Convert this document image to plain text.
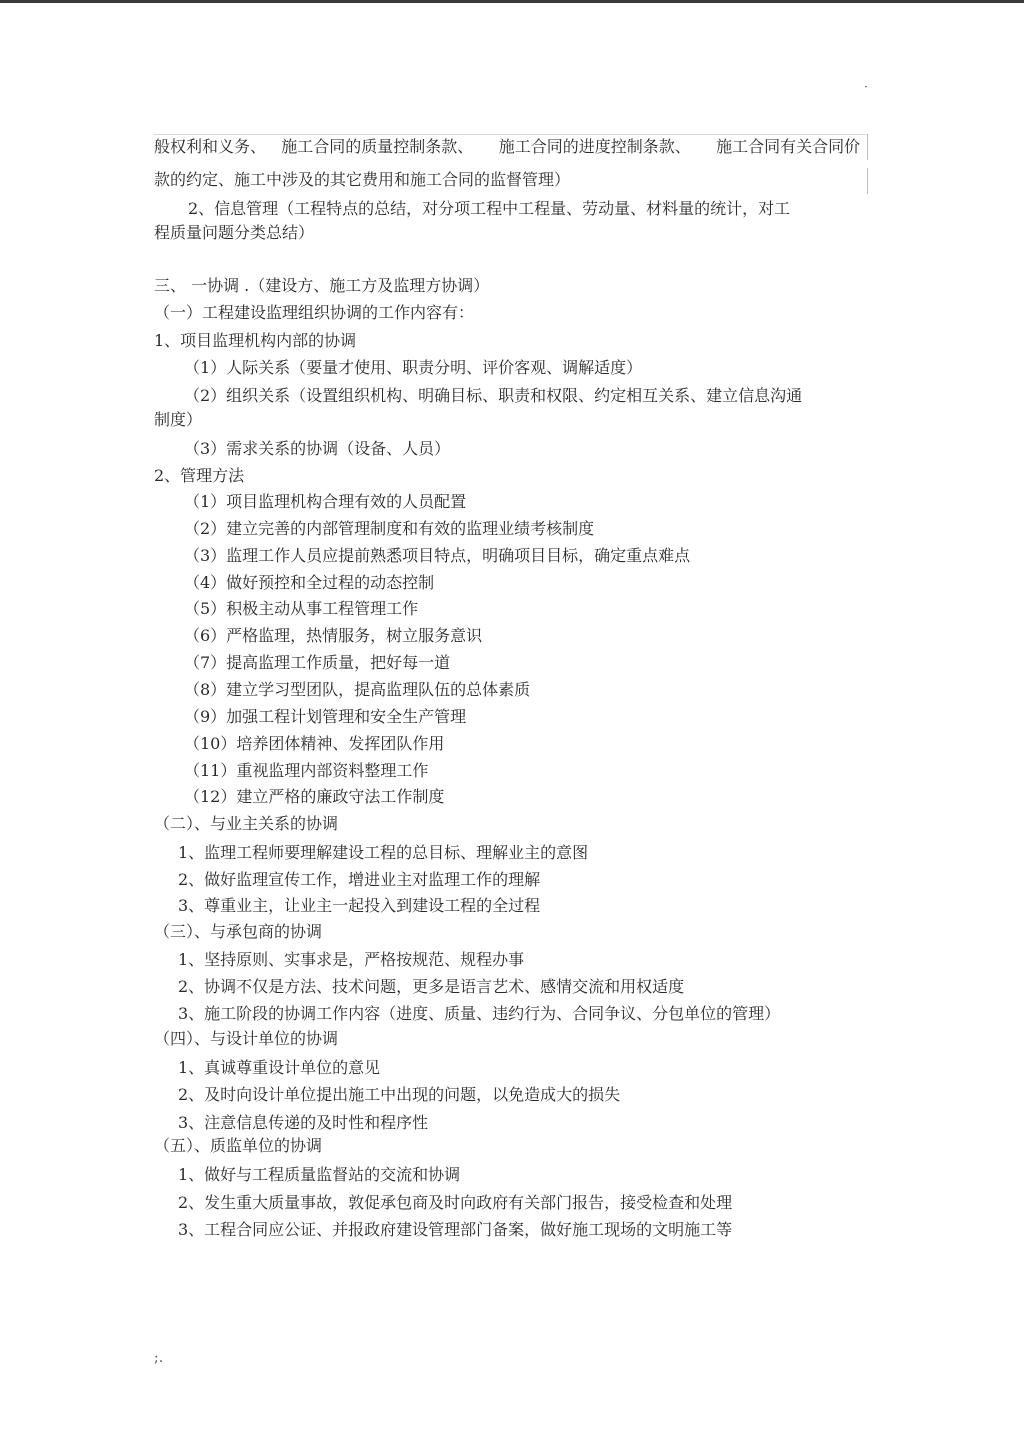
·
般权利和义务、   施工合同的质量控制条款、     施工合同的进度控制条款、     施工合同有关合同价
款的约定、施工中涉及的其它费用和施工合同的监督管理）
2、信息管理（工程特点的总结，对分项工程中工程量、劳动量、材料量的统计，对工
程质量问题分类总结）
三、 一协调 .（建设方、施工方及监理方协调）
（一）工程建设监理组织协调的工作内容有：
1、项目监理机构内部的协调
（1）人际关系（要量才使用、职责分明、评价客观、调解适度）
（2）组织关系（设置组织机构、明确目标、职责和权限、约定相互关系、建立信息沟通
制度）
（3）需求关系的协调（设备、人员）
2、管理方法
（1）项目监理机构合理有效的人员配置
（2）建立完善的内部管理制度和有效的监理业绩考核制度
（3）监理工作人员应提前熟悉项目特点，明确项目目标，确定重点难点
（4）做好预控和全过程的动态控制
（5）积极主动从事工程管理工作
（6）严格监理，热情服务，树立服务意识
（7）提高监理工作质量，把好每一道
（8）建立学习型团队，提高监理队伍的总体素质
（9）加强工程计划管理和安全生产管理
（10）培养团体精神、发挥团队作用
（11）重视监理内部资料整理工作
（12）建立严格的廉政守法工作制度
（二）、与业主关系的协调
1、监理工程师要理解建设工程的总目标、理解业主的意图
2、做好监理宣传工作，增进业主对监理工作的理解
3、尊重业主，让业主一起投入到建设工程的全过程
（三）、与承包商的协调
1、坚持原则、实事求是，严格按规范、规程办事
2、协调不仅是方法、技术问题，更多是语言艺术、感情交流和用权适度
3、施工阶段的协调工作内容（进度、质量、违约行为、合同争议、分包单位的管理）
（四）、与设计单位的协调
1、真诚尊重设计单位的意见
2、及时向设计单位提出施工中出现的问题，以免造成大的损失
3、注意信息传递的及时性和程序性
（五）、质监单位的协调
1、做好与工程质量监督站的交流和协调
2、发生重大质量事故，敦促承包商及时向政府有关部门报告，接受检查和处理
3、工程合同应公证、并报政府建设管理部门备案，做好施工现场的文明施工等
;.
